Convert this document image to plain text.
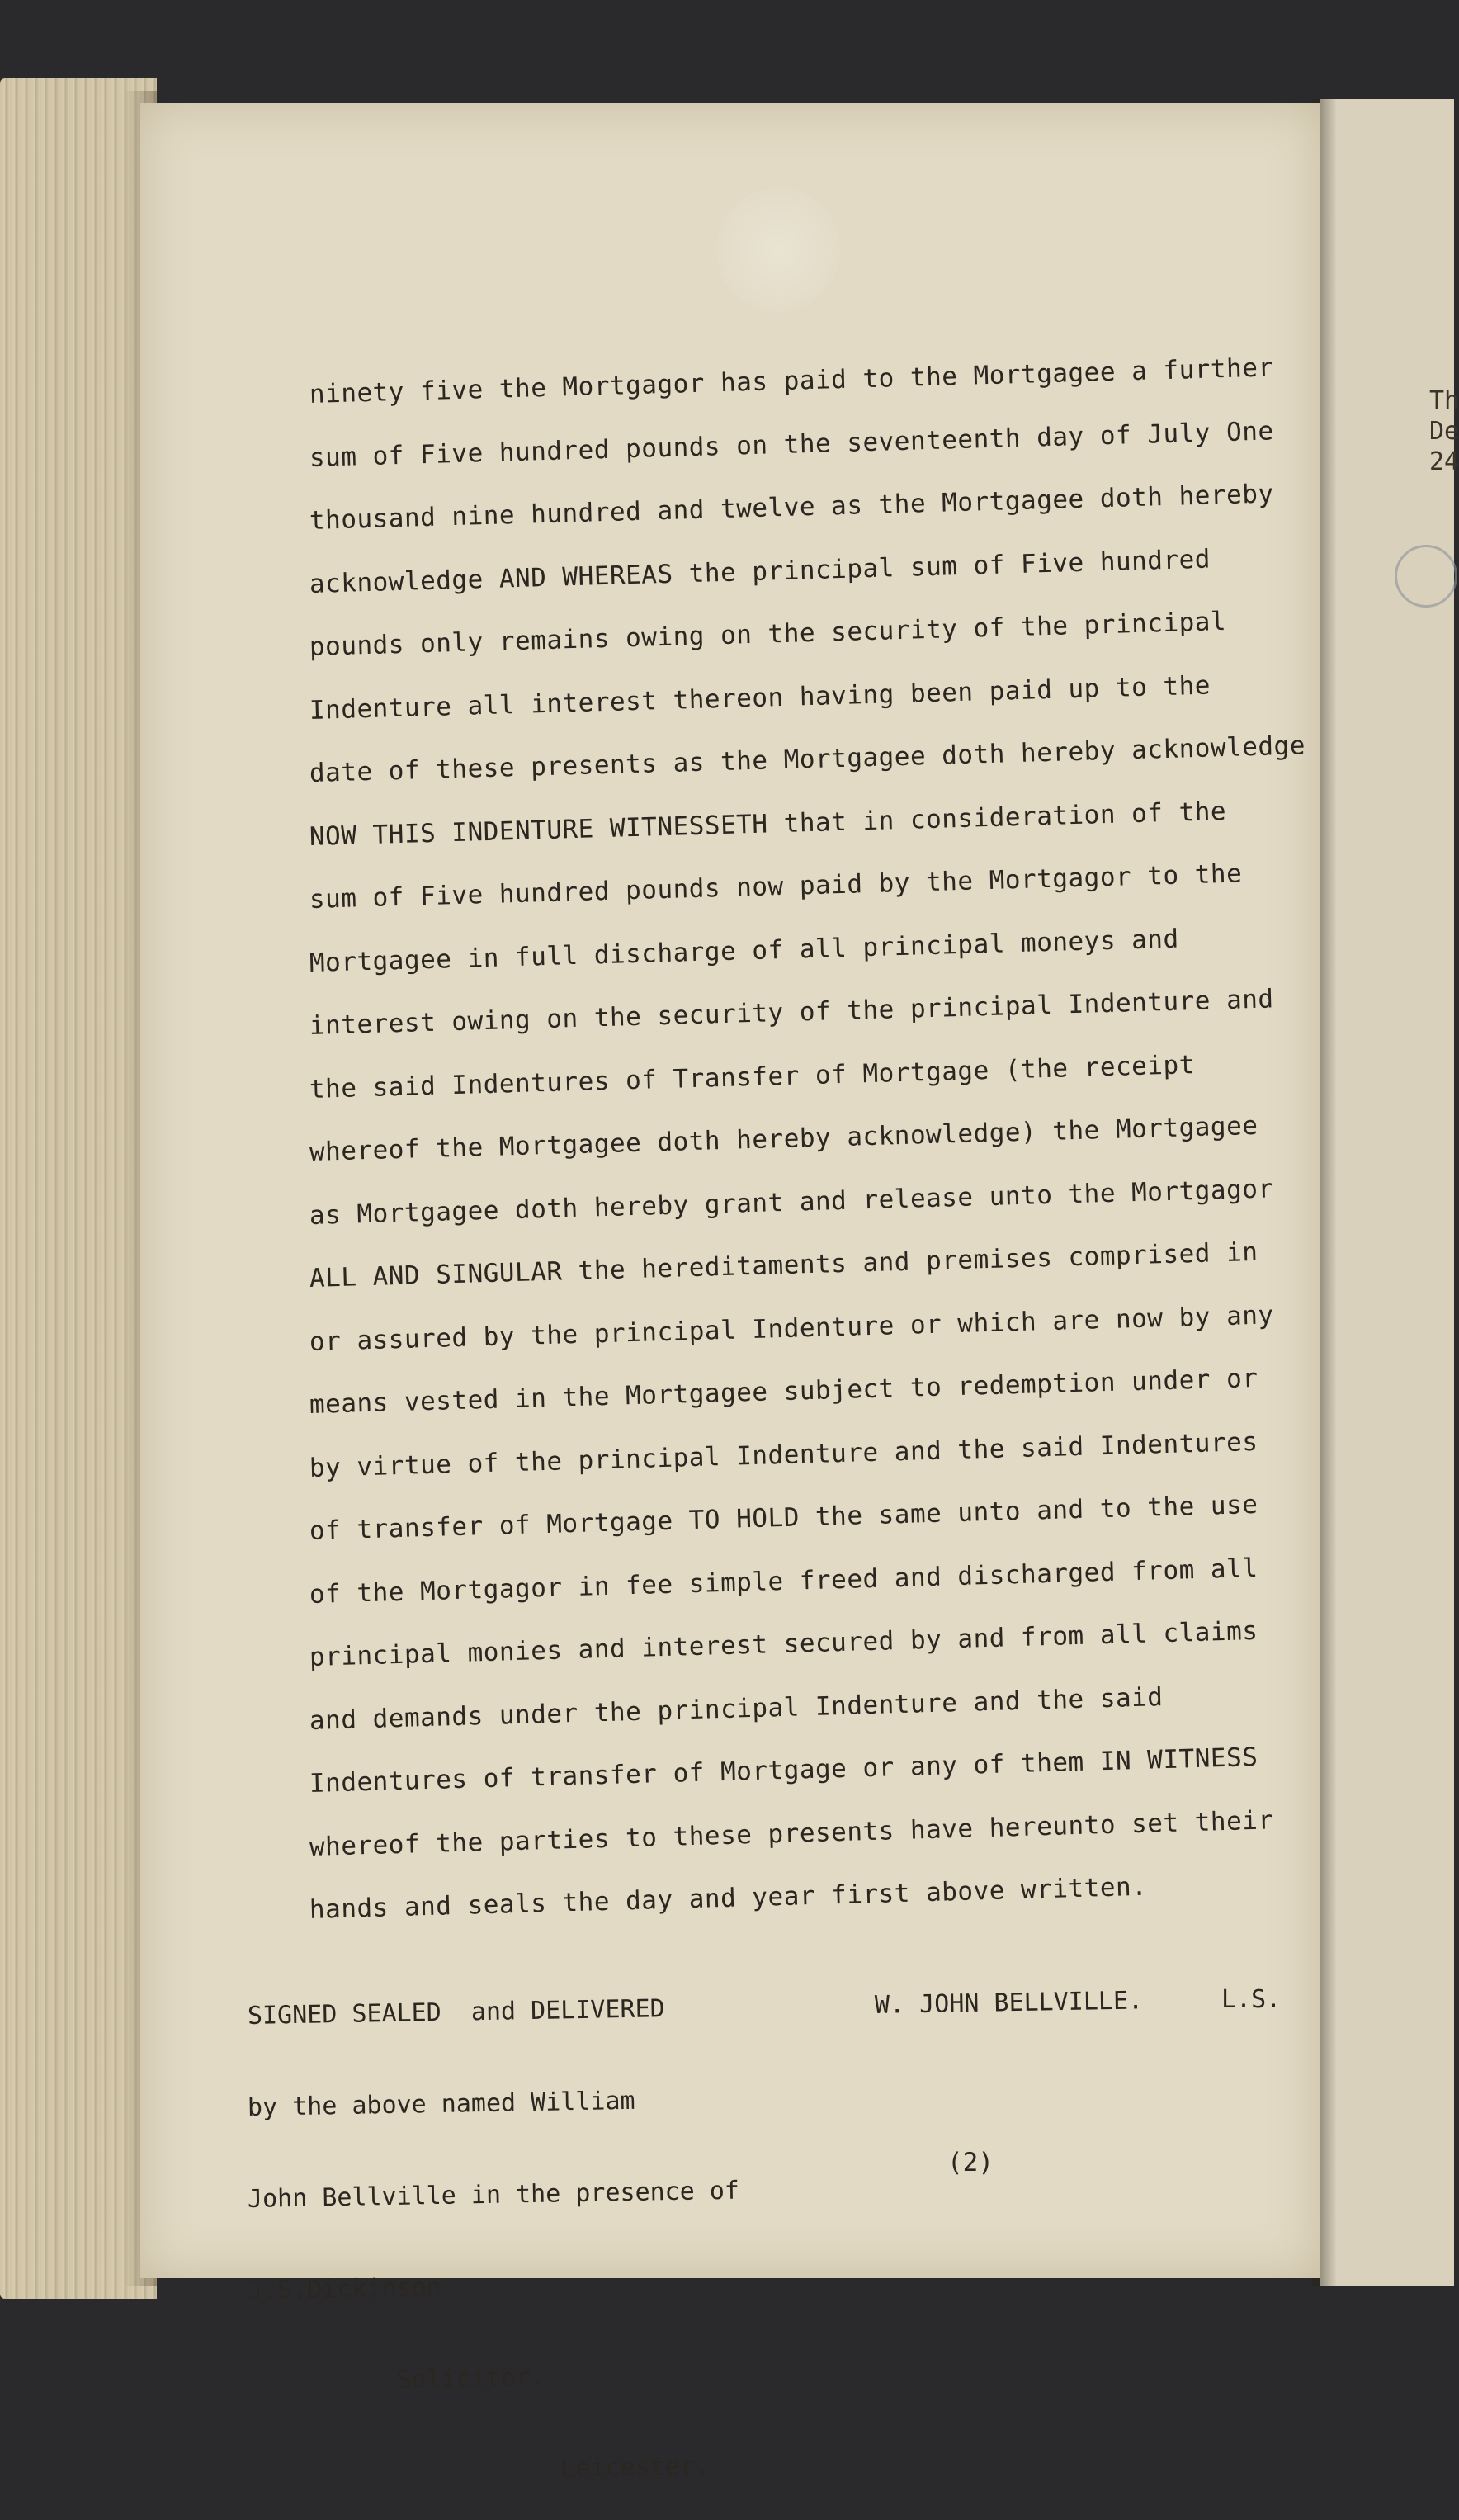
Th
De
24
ninety five the Mortgagor has paid to the Mortgagee a further
sum of Five hundred pounds on the seventeenth day of July One
thousand nine hundred and twelve as the Mortgagee doth hereby
acknowledge AND WHEREAS the principal sum of Five hundred
pounds only remains owing on the security of the principal
Indenture all interest thereon having been paid up to the
date of these presents as the Mortgagee doth hereby acknowledge
NOW THIS INDENTURE WITNESSETH that in consideration of the
sum of Five hundred pounds now paid by the Mortgagor to the
Mortgagee in full discharge of all principal moneys and
interest owing on the security of the principal Indenture and
the said Indentures of Transfer of Mortgage (the receipt
whereof the Mortgagee doth hereby acknowledge) the Mortgagee
as Mortgagee doth hereby grant and release unto the Mortgagor
ALL AND SINGULAR the hereditaments and premises comprised in
or assured by the principal Indenture or which are now by any
means vested in the Mortgagee subject to redemption under or
by virtue of the principal Indenture and the said Indentures
of transfer of Mortgage TO HOLD the same unto and to the use
of the Mortgagor in fee simple freed and discharged from all
principal monies and interest secured by and from all claims
and demands under the principal Indenture and the said
Indentures of transfer of Mortgage or any of them IN WITNESS
whereof the parties to these presents have hereunto set their
hands and seals the day and year first above written.

SIGNED SEALED  and DELIVERED

by the above named William

John Bellville in the presence of

J.S.Dickinson

Solicitor.

Leicester.

W. JOHN BELLVILLE.	L.S.
(2)
